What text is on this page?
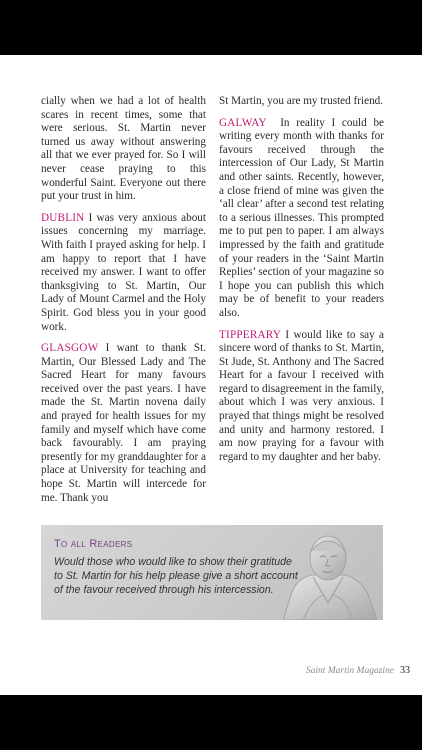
cially when we had a lot of health scares in recent times, some that were serious. St. Martin never turned us away without answering all that we ever prayed for. So I will never cease praying to this wonderful Saint. Everyone out there put your trust in him.

DUBLIN I was very anxious about issues concerning my marriage. With faith I prayed asking for help. I am happy to report that I have received my answer. I want to offer thanksgiving to St. Martin, Our Lady of Mount Carmel and the Holy Spirit. God bless you in your good work.

GLASGOW I want to thank St. Martin, Our Blessed Lady and The Sacred Heart for many favours received over the past years. I have made the St. Martin novena daily and prayed for health issues for my family and myself which have come back favourably. I am praying presently for my granddaughter for a place at University for teaching and hope St. Martin will intercede for me. Thank you

St Martin, you are my trusted friend.

GALWAY In reality I could be writing every month with thanks for favours received through the intercession of Our Lady, St Martin and other saints. Recently, however, a close friend of mine was given the ‘all clear’ after a second test relating to a serious illnesses. This prompted me to put pen to paper. I am always impressed by the faith and gratitude of your readers in the ‘Saint Martin Replies’ section of your magazine so I hope you can publish this which may be of benefit to your readers also.

TIPPERARY I would like to say a sincere word of thanks to St. Martin, St Jude, St. Anthony and The Sacred Heart for a favour I received with regard to disagreement in the family, about which I was very anxious. I prayed that things might be resolved and unity and harmony restored. I am now praying for a favour with regard to my daughter and her baby.

To all Readers
Would those who would like to show their gratitude to St. Martin for his help please give a short account of the favour received through his intercession.
Saint Martin Magazine 33
